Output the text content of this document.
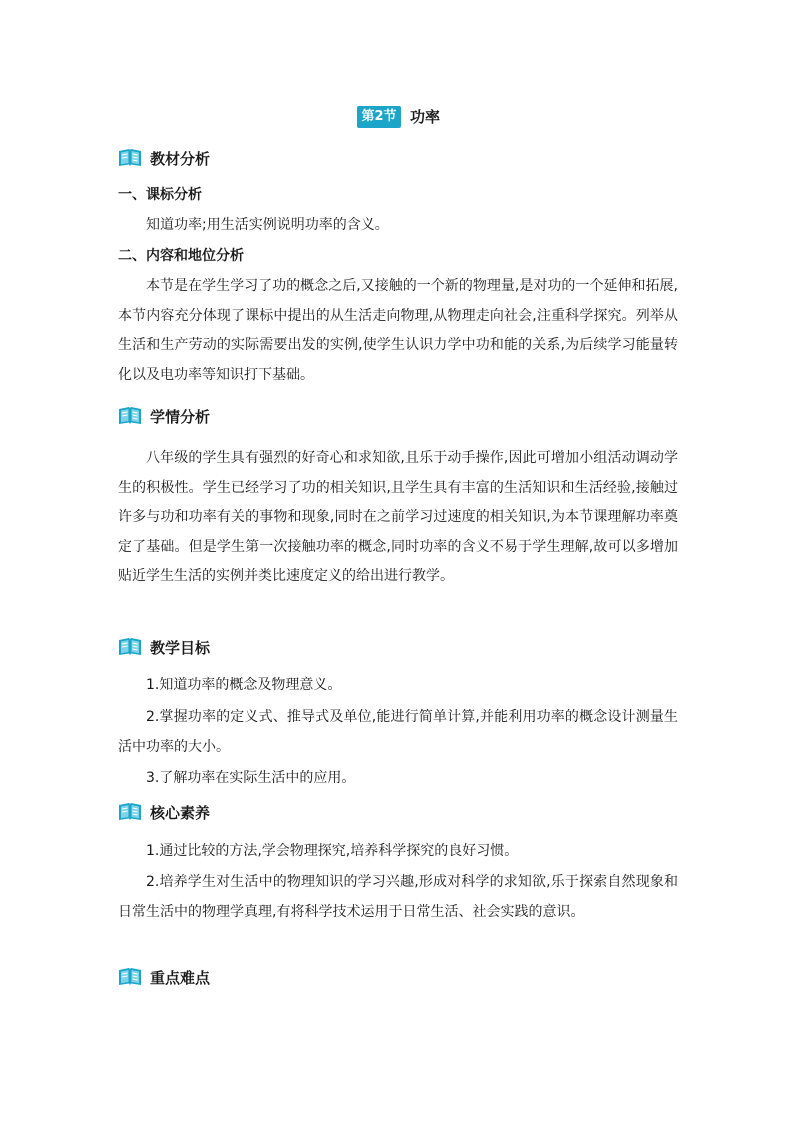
第2节 功率
教材分析
一、课标分析

知道功率;用生活实例说明功率的含义。

二、内容和地位分析

本节是在学生学习了功的概念之后,又接触的一个新的物理量,是对功的一个延伸和拓展,本节内容充分体现了课标中提出的从生活走向物理,从物理走向社会,注重科学探究。列举从生活和生产劳动的实际需要出发的实例,使学生认识力学中功和能的关系,为后续学习能量转化以及电功率等知识打下基础。

学情分析

八年级的学生具有强烈的好奇心和求知欲,且乐于动手操作,因此可增加小组活动调动学生的积极性。学生已经学习了功的相关知识,且学生具有丰富的生活知识和生活经验,接触过许多与功和功率有关的事物和现象,同时在之前学习过速度的相关知识,为本节课理解功率奠定了基础。但是学生第一次接触功率的概念,同时功率的含义不易于学生理解,故可以多增加贴近学生生活的实例并类比速度定义的给出进行教学。

教学目标

1.知道功率的概念及物理意义。

2.掌握功率的定义式、推导式及单位,能进行简单计算,并能利用功率的概念设计测量生活中功率的大小。

3.了解功率在实际生活中的应用。

核心素养

1.通过比较的方法,学会物理探究,培养科学探究的良好习惯。

2.培养学生对生活中的物理知识的学习兴趣,形成对科学的求知欲,乐于探索自然现象和日常生活中的物理学真理,有将科学技术运用于日常生活、社会实践的意识。

重点难点
